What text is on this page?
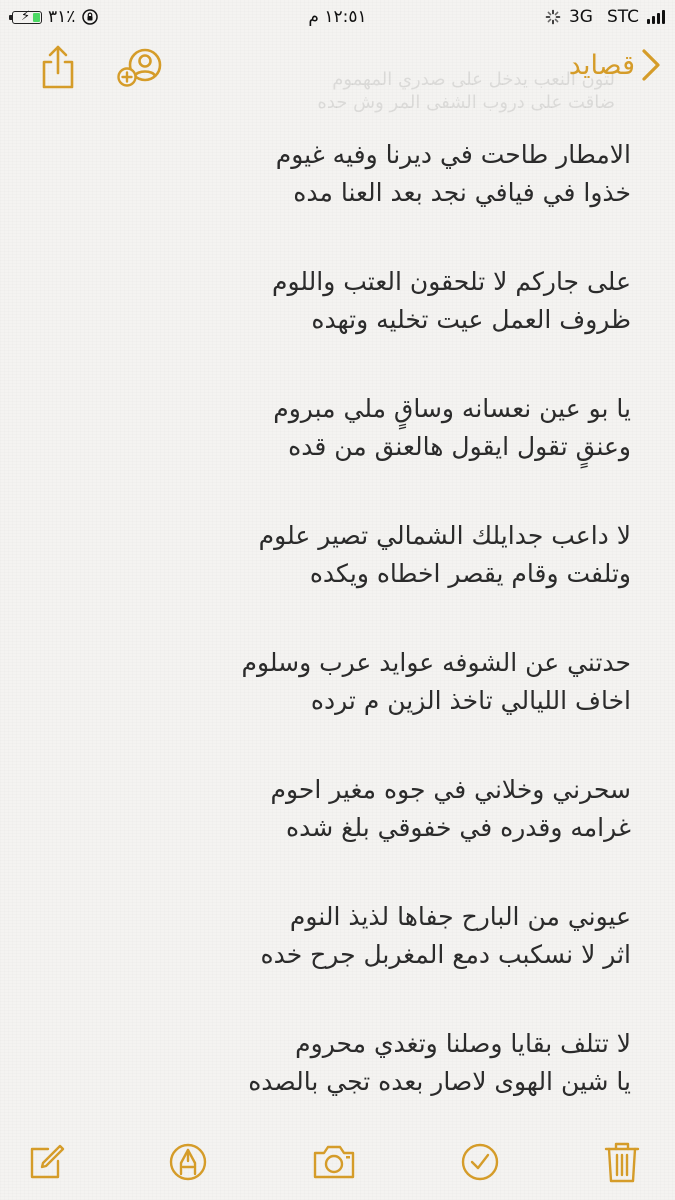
⚡ ٣١٪	١٢:٥١ م	3G STC
لتون النعب يدخل على صدري المهموم
ضاقت على دروب الشفى المر وش حده
قصايد
الامطار طاحت في ديرنا وفيه غيوم
خذوا في فيافي نجد بعد العنا مده
على جاركم لا تلحقون العتب واللوم
ظروف العمل عيت تخليه وتهده
يا بو عين نعسانه وساقٍ ملي مبروم
وعنقٍ تقول ايقول هالعنق من قده
لا داعب جدايلك الشمالي تصير علوم
وتلفت وقام يقصر اخطاه ويكده
حدتني عن الشوفه عوايد عرب وسلوم
اخاف الليالي تاخذ الزين م ترده
سحرني وخلاني في جوه مغير احوم
غرامه وقدره في خفوقي بلغ شده
عيوني من البارح جفاها لذيذ النوم
اثر لا نسكبب دمع المغربل جرح خده
لا تتلف بقايا وصلنا وتغدي محروم
يا شين الهوى لاصار بعده تجي بالصده
